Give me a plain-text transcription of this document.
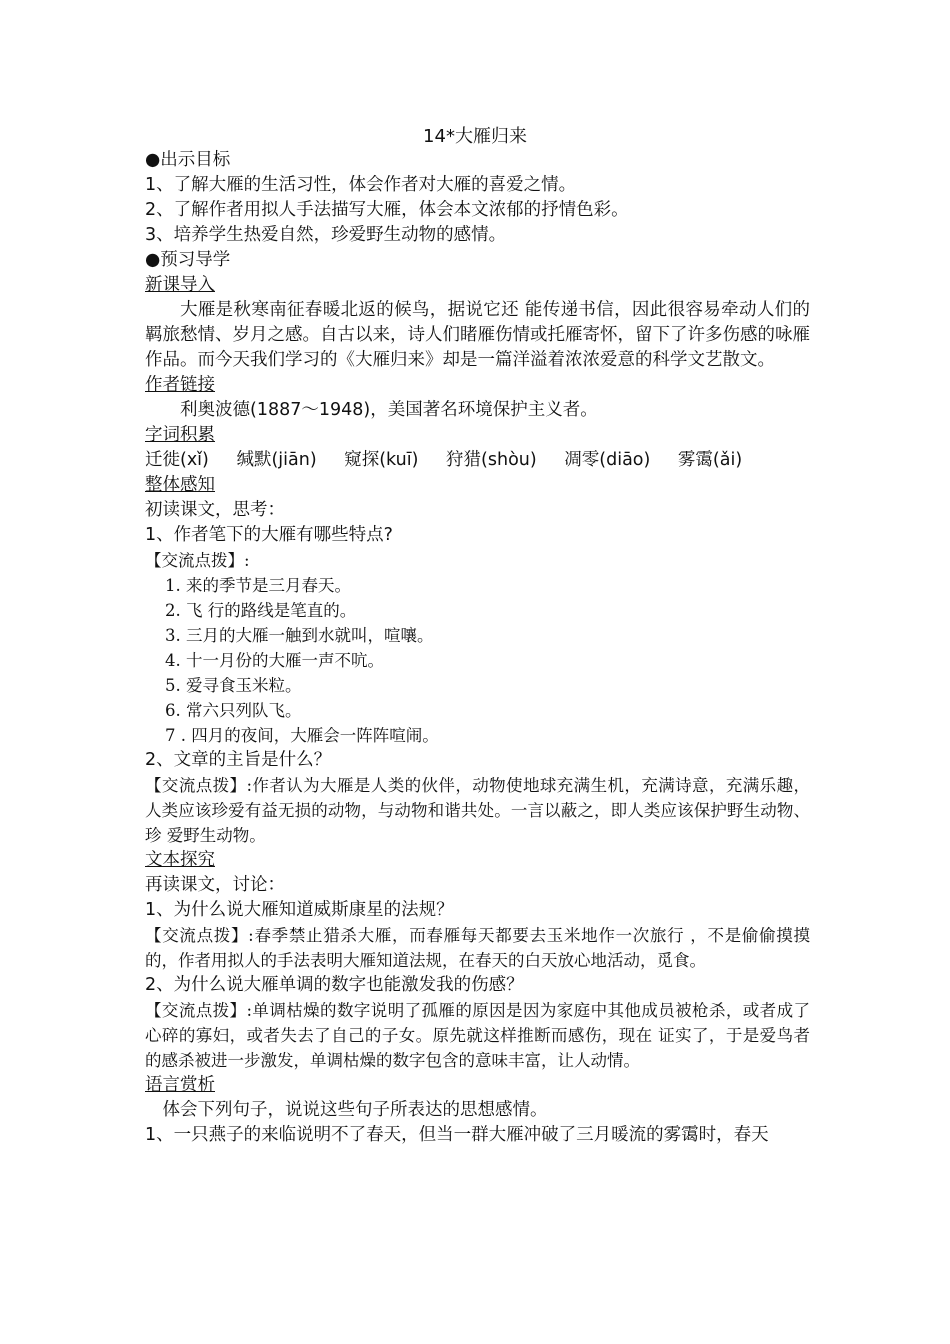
14*大雁归来
●出示目标
1、了解大雁的生活习性，体会作者对大雁的喜爱之情。
2、了解作者用拟人手法描写大雁，体会本文浓郁的抒情色彩。
3、培养学生热爱自然，珍爱野生动物的感情。
●预习导学
新课导入

大雁是秋寒南征春暖北返的候鸟，据说它还 能传递书信，因此很容易牵动人们的羁旅愁情、岁月之感。自古以来，诗人们睹雁伤情或托雁寄怀，留下了许多伤感的咏雁作品。而今天我们学习的《大雁归来》却是一篇洋溢着浓浓爱意的科学文艺散文。

作者链接
利奥波德(1887～1948)，美国著名环境保护主义者。
字词积累
迁徙(xǐ) 缄默(jiān) 窥探(kuī) 狩猎(shòu) 凋零(diāo) 雾霭(ǎi)
整体感知
初读课文，思考：
1、作者笔下的大雁有哪些特点?
【交流点拨】:
1. 来的季节是三月春天。
2. 飞 行的路线是笔直的。
3. 三月的大雁一触到水就叫，喧嚷。
4. 十一月份的大雁一声不吭。
5. 爱寻食玉米粒。
6. 常六只列队飞。
7 . 四月的夜间，大雁会一阵阵喧闹。
2、文章的主旨是什么？

【交流点拨】:作者认为大雁是人类的伙伴，动物使地球充满生机，充满诗意，充满乐趣，人类应该珍爱有益无损的动物，与动物和谐共处。一言以蔽之，即人类应该保护野生动物、珍 爱野生动物。

文本探究
再读课文，讨论：
1、为什么说大雁知道威斯康星的法规？

【交流点拨】:春季禁止猎杀大雁，而春雁每天都要去玉米地作一次旅行 ，不是偷偷摸摸的，作者用拟人的手法表明大雁知道法规，在春天的白天放心地活动，觅食。

2、为什么说大雁单调的数字也能激发我的伤感？

【交流点拨】:单调枯燥的数字说明了孤雁的原因是因为家庭中其他成员被枪杀，或者成了心碎的寡妇，或者失去了自己的子女。原先就这样推断而感伤，现在 证实了，于是爱鸟者的感杀被进一步激发，单调枯燥的数字包含的意味丰富，让人动情。

语言赏析
体会下列句子，说说这些句子所表达的思想感情。
1、一只燕子的来临说明不了春天，但当一群大雁冲破了三月暖流的雾霭时，春天
